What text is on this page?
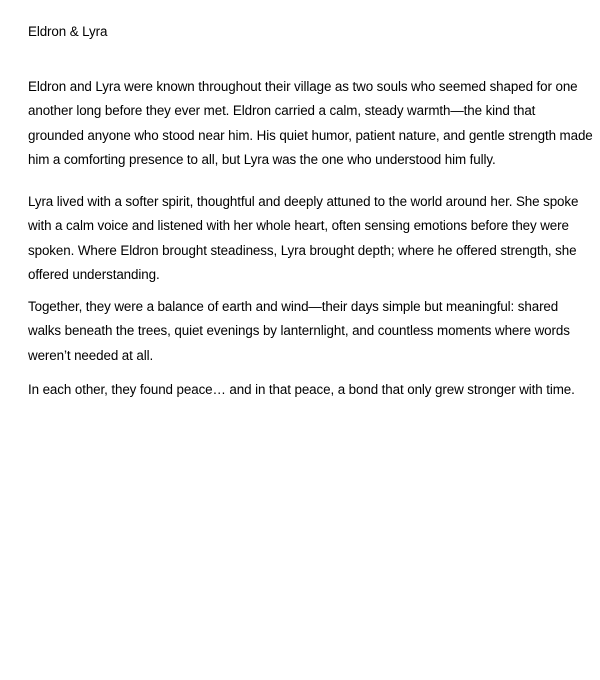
Eldron & Lyra

Eldron and Lyra were known throughout their village as two souls who seemed shaped for one another long before they ever met. Eldron carried a calm, steady warmth—the kind that grounded anyone who stood near him. His quiet humor, patient nature, and gentle strength made him a comforting presence to all, but Lyra was the one who understood him fully.

Lyra lived with a softer spirit, thoughtful and deeply attuned to the world around her. She spoke with a calm voice and listened with her whole heart, often sensing emotions before they were spoken. Where Eldron brought steadiness, Lyra brought depth; where he offered strength, she offered understanding.

Together, they were a balance of earth and wind—their days simple but meaningful: shared walks beneath the trees, quiet evenings by lanternlight, and countless moments where words weren’t needed at all.

In each other, they found peace… and in that peace, a bond that only grew stronger with time.
